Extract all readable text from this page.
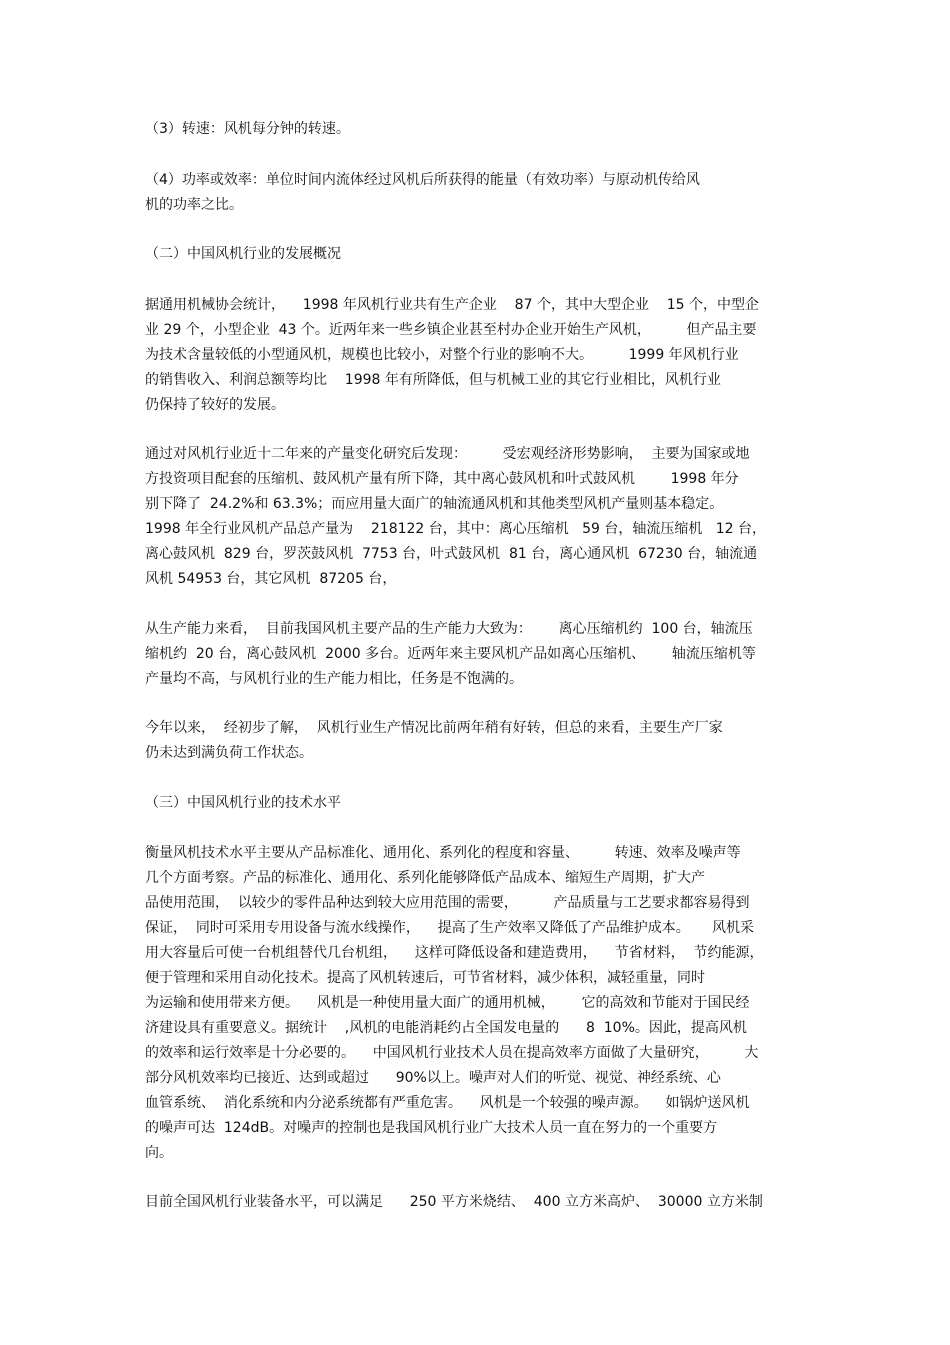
（3）转速：风机每分钟的转速。
（4）功率或效率：单位时间内流体经过风机后所获得的能量（有效功率）与原动机传给风
机的功率之比。
（二）中国风机行业的发展概况
据通用机械协会统计，    1998 年风机行业共有生产企业    87 个，其中大型企业    15 个，中型企
业 29 个，小型企业  43 个。近两年来一些乡镇企业甚至村办企业开始生产风机，        但产品主要
为技术含量较低的小型通风机，规模也比较小，对整个行业的影响不大。        1999 年风机行业
的销售收入、利润总额等均比    1998 年有所降低，但与机械工业的其它行业相比，风机行业
仍保持了较好的发展。
通过对风机行业近十二年来的产量变化研究后发现：        受宏观经济形势影响，  主要为国家或地
方投资项目配套的压缩机、鼓风机产量有所下降，其中离心鼓风机和叶式鼓风机        1998 年分
别下降了  24.2%和 63.3%；而应用量大面广的轴流通风机和其他类型风机产量则基本稳定。
1998 年全行业风机产品总产量为    218122 台，其中：离心压缩机   59 台，轴流压缩机   12 台，
离心鼓风机  829 台，罗茨鼓风机  7753 台，叶式鼓风机  81 台，离心通风机  67230 台，轴流通
风机 54953 台，其它风机  87205 台，
从生产能力来看，  目前我国风机主要产品的生产能力大致为：      离心压缩机约  100 台，轴流压
缩机约  20 台，离心鼓风机  2000 多台。近两年来主要风机产品如离心压缩机、      轴流压缩机等
产量均不高，与风机行业的生产能力相比，任务是不饱满的。
今年以来，  经初步了解，  风机行业生产情况比前两年稍有好转，但总的来看，主要生产厂家
仍未达到满负荷工作状态。
（三）中国风机行业的技术水平
衡量风机技术水平主要从产品标准化、通用化、系列化的程度和容量、        转速、效率及噪声等
几个方面考察。产品的标准化、通用化、系列化能够降低产品成本、缩短生产周期，扩大产
品使用范围，  以较少的零件品种达到较大应用范围的需要，        产品质量与工艺要求都容易得到
保证，  同时可采用专用设备与流水线操作，    提高了生产效率又降低了产品维护成本。     风机采
用大容量后可使一台机组替代几台机组，    这样可降低设备和建造费用，    节省材料，  节约能源，
便于管理和采用自动化技术。提高了风机转速后，可节省材料，减少体积，减轻重量，同时
为运输和使用带来方便。    风机是一种使用量大面广的通用机械，      它的高效和节能对于国民经
济建设具有重要意义。据统计    ,风机的电能消耗约占全国发电量的      8  10%。因此，提高风机
的效率和运行效率是十分必要的。    中国风机行业技术人员在提高效率方面做了大量研究，        大
部分风机效率均已接近、达到或超过      90%以上。噪声对人们的听觉、视觉、神经系统、心
血管系统、  消化系统和内分泌系统都有严重危害。    风机是一个较强的噪声源。    如锅炉送风机
的噪声可达  124dB。对噪声的控制也是我国风机行业广大技术人员一直在努力的一个重要方
向。
目前全国风机行业装备水平，可以满足      250 平方米烧结、  400 立方米高炉、  30000 立方米制
